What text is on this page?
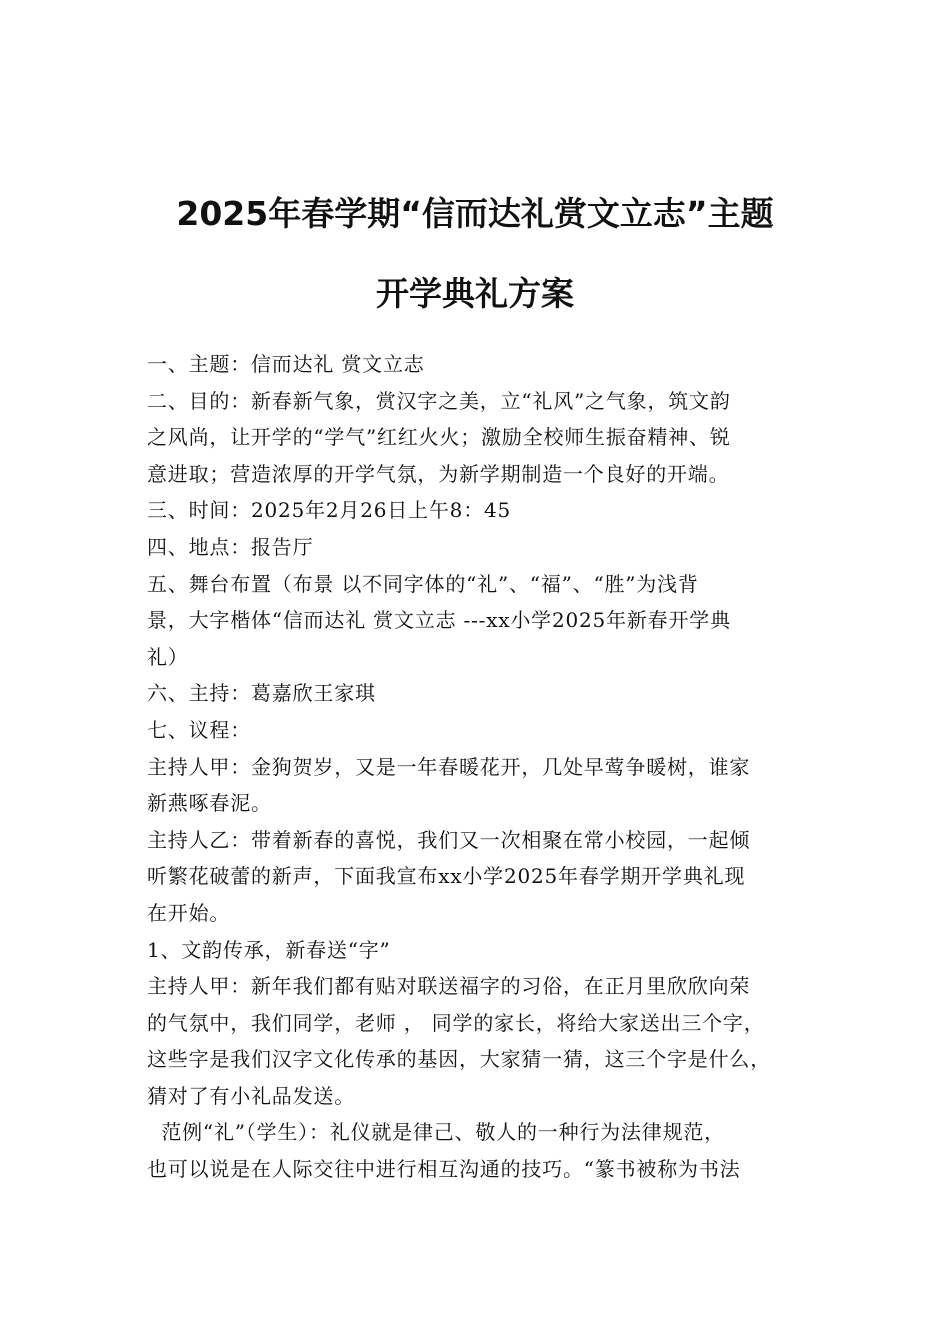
2025年春学期“信而达礼赏文立志”主题
开学典礼方案
一、主题：信而达礼 赏文立志
二、目的：新春新气象，赏汉字之美，立“礼风”之气象，筑文韵
之风尚，让开学的“学气”红红火火；激励全校师生振奋精神、锐
意进取；营造浓厚的开学气氛，为新学期制造一个良好的开端。
三、时间：2025年2月26日上午8：45
四、地点：报告厅
五、舞台布置（布景 以不同字体的“礼”、“福”、“胜”为浅背
景，大字楷体“信而达礼 赏文立志 ---xx小学2025年新春开学典
礼）
六、主持：葛嘉欣王家琪
七、议程：
主持人甲：金狗贺岁，又是一年春暖花开，几处早莺争暖树，谁家
新燕啄春泥。
主持人乙：带着新春的喜悦，我们又一次相聚在常小校园，一起倾
听繁花破蕾的新声，下面我宣布xx小学2025年春学期开学典礼现
在开始。
1、文韵传承，新春送“字”
主持人甲：新年我们都有贴对联送福字的习俗，在正月里欣欣向荣
的气氛中，我们同学，老师 ， 同学的家长，将给大家送出三个字，
这些字是我们汉字文化传承的基因，大家猜一猜，这三个字是什么，
猜对了有小礼品发送。
范例“礼”（学生）：礼仪就是律己、敬人的一种行为法律规范，
也可以说是在人际交往中进行相互沟通的技巧。“篆书被称为书法
